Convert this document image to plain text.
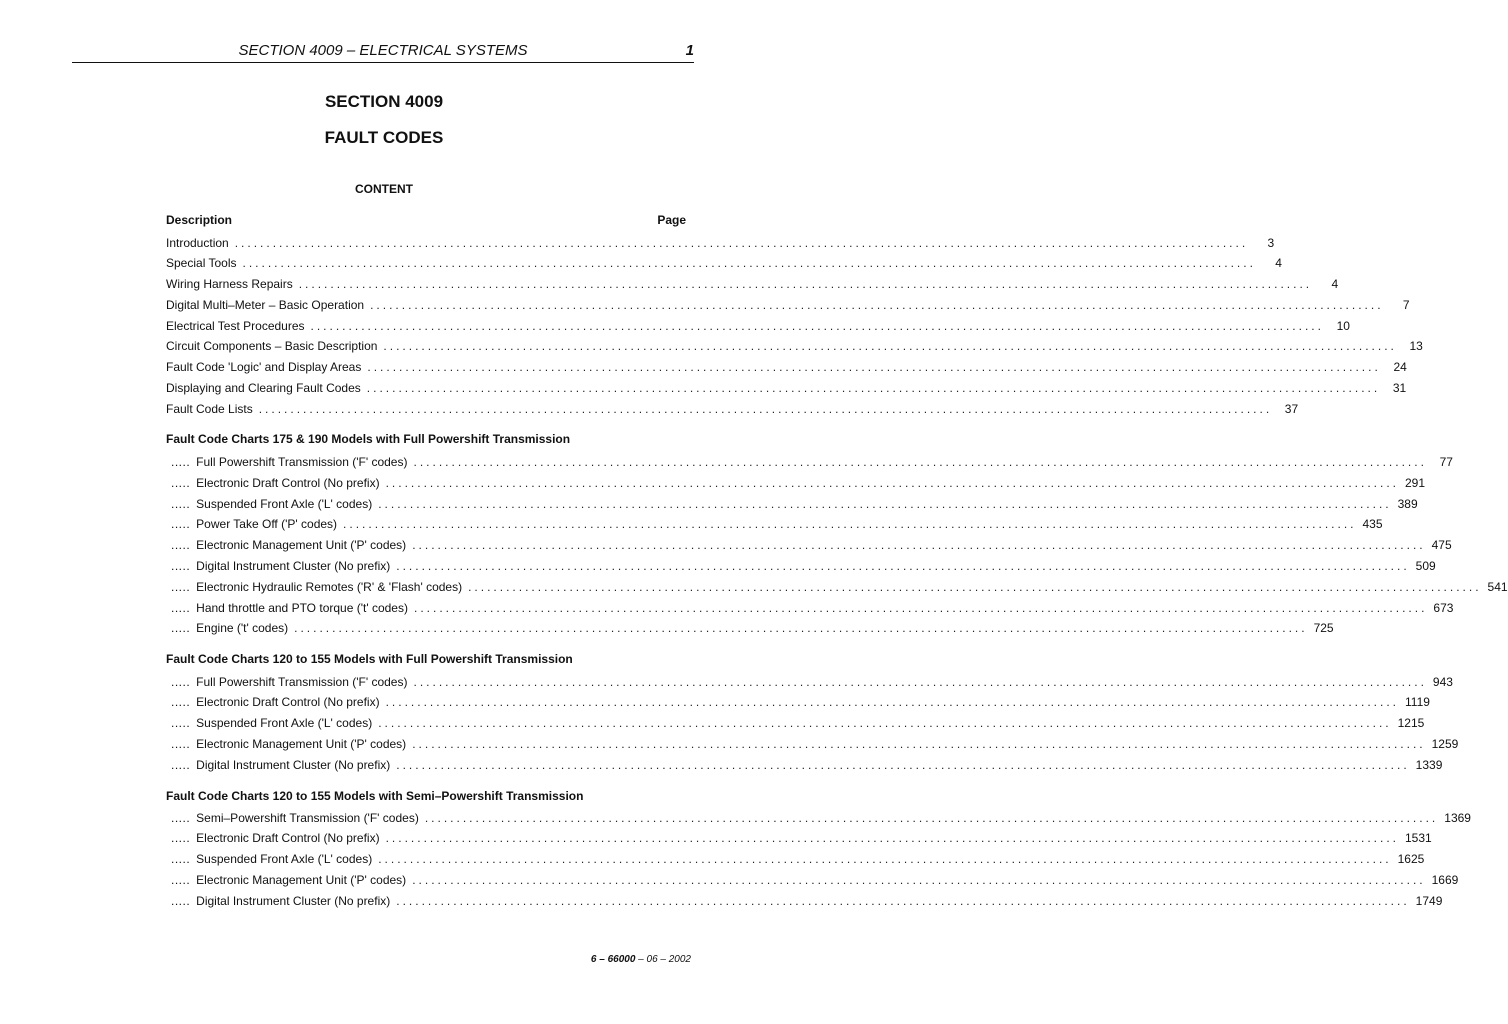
SECTION 4009 – ELECTRICAL SYSTEMS	1
SECTION 4009
FAULT CODES
CONTENT
Description	Page
Introduction ................................................................................................................................................................	3
Special Tools ................................................................................................................................................................	4
Wiring Harness Repairs ................................................................................................................................................................	4
Digital Multi–Meter – Basic Operation ................................................................................................................................................................	7
Electrical Test Procedures ................................................................................................................................................................	10
Circuit Components – Basic Description ................................................................................................................................................................	13
Fault Code 'Logic' and Display Areas ................................................................................................................................................................	24
Displaying and Clearing Fault Codes ................................................................................................................................................................	31
Fault Code Lists ................................................................................................................................................................	37
Fault Code Charts 175 & 190 Models with Full Powershift Transmission
..... Full Powershift Transmission ('F' codes) ................................................................................................................................................................	77
..... Electronic Draft Control (No prefix) ................................................................................................................................................................ 291
..... Suspended Front Axle ('L' codes) ................................................................................................................................................................ 389
..... Power Take Off ('P' codes) ................................................................................................................................................................ 435
..... Electronic Management Unit ('P' codes) ................................................................................................................................................................ 475
..... Digital Instrument Cluster (No prefix) ................................................................................................................................................................ 509
..... Electronic Hydraulic Remotes ('R' & 'Flash' codes) ................................................................................................................................................................ 541
..... Hand throttle and PTO torque ('t' codes) ................................................................................................................................................................ 673
..... Engine ('t' codes) ................................................................................................................................................................ 725
Fault Code Charts 120 to 155 Models with Full Powershift Transmission
..... Full Powershift Transmission ('F' codes) ................................................................................................................................................................ 943
..... Electronic Draft Control (No prefix) ................................................................................................................................................................ 1119
..... Suspended Front Axle ('L' codes) ................................................................................................................................................................ 1215
..... Electronic Management Unit ('P' codes) ................................................................................................................................................................ 1259
..... Digital Instrument Cluster (No prefix) ................................................................................................................................................................ 1339
Fault Code Charts 120 to 155 Models with Semi–Powershift Transmission
..... Semi–Powershift Transmission ('F' codes) ................................................................................................................................................................ 1369
..... Electronic Draft Control (No prefix) ................................................................................................................................................................ 1531
..... Suspended Front Axle ('L' codes) ................................................................................................................................................................ 1625
..... Electronic Management Unit ('P' codes) ................................................................................................................................................................ 1669
..... Digital Instrument Cluster (No prefix) ................................................................................................................................................................ 1749
6 – 66000 – 06 – 2002
